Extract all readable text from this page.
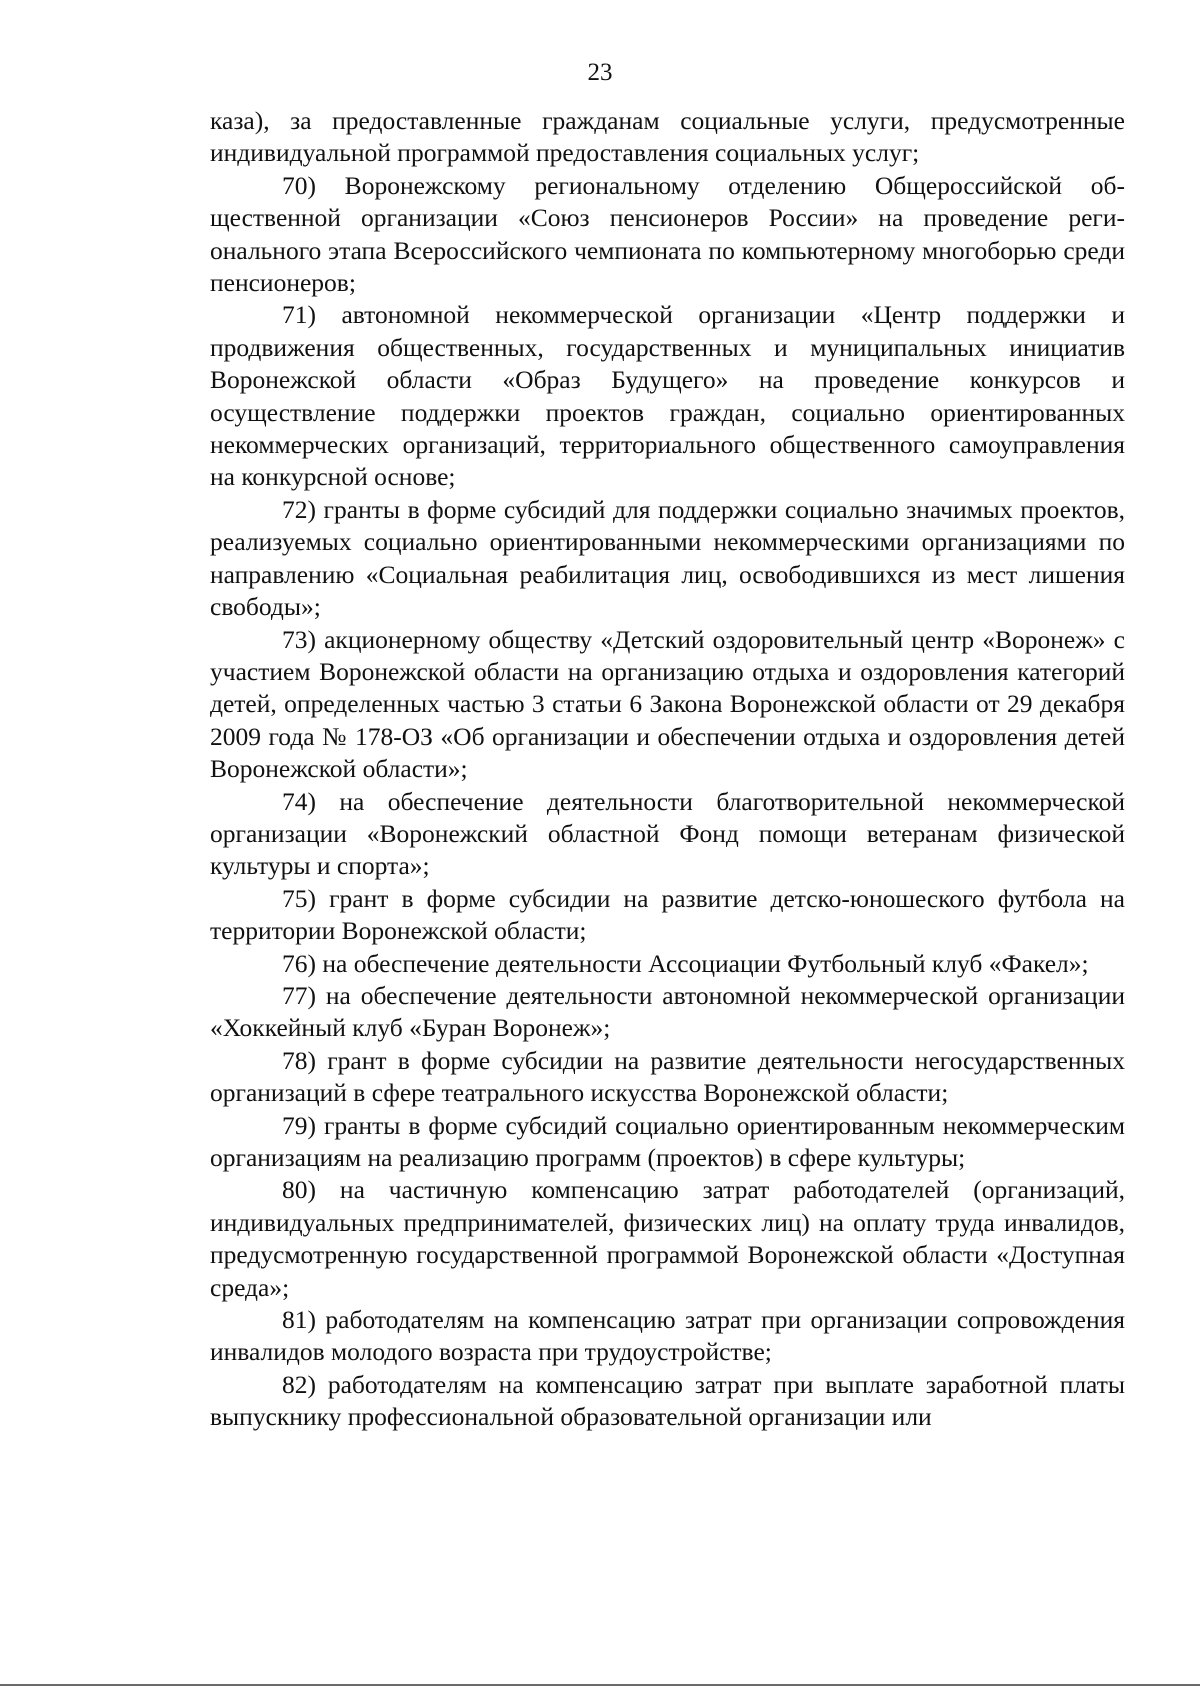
23

каза), за предоставленные гражданам социальные услуги, предусмотренные индивидуальной программой предоставления социальных услуг;

70) Воронежскому региональному отделению Общероссийской общественной организации «Союз пенсионеров России» на проведение регионального этапа Всероссийского чемпионата по компьютерному многоборью среди пенсионеров;

71) автономной некоммерческой организации «Центр поддержки и продвижения общественных, государственных и муниципальных инициатив Воронежской области «Образ Будущего» на проведение конкурсов и осуществление поддержки проектов граждан, социально ориентированных некоммерческих организаций, территориального общественного самоуправления на конкурсной основе;

72) гранты в форме субсидий для поддержки социально значимых проектов, реализуемых социально ориентированными некоммерческими организациями по направлению «Социальная реабилитация лиц, освободившихся из мест лишения свободы»;

73) акционерному обществу «Детский оздоровительный центр «Воронеж» с участием Воронежской области на организацию отдыха и оздоровления категорий детей, определенных частью 3 статьи 6 Закона Воронежской области от 29 декабря 2009 года № 178-ОЗ «Об организации и обеспечении отдыха и оздоровления детей Воронежской области»;

74) на обеспечение деятельности благотворительной некоммерческой организации «Воронежский областной Фонд помощи ветеранам физической культуры и спорта»;

75) грант в форме субсидии на развитие детско-юношеского футбола на территории Воронежской области;

76) на обеспечение деятельности Ассоциации Футбольный клуб «Факел»;

77) на обеспечение деятельности автономной некоммерческой организации «Хоккейный клуб «Буран Воронеж»;

78) грант в форме субсидии на развитие деятельности негосударственных организаций в сфере театрального искусства Воронежской области;

79) гранты в форме субсидий социально ориентированным некоммерческим организациям на реализацию программ (проектов) в сфере культуры;

80) на частичную компенсацию затрат работодателей (организаций, индивидуальных предпринимателей, физических лиц) на оплату труда инвалидов, предусмотренную государственной программой Воронежской области «Доступная среда»;

81) работодателям на компенсацию затрат при организации сопровождения инвалидов молодого возраста при трудоустройстве;

82) работодателям на компенсацию затрат при выплате заработной платы выпускнику профессиональной образовательной организации или
